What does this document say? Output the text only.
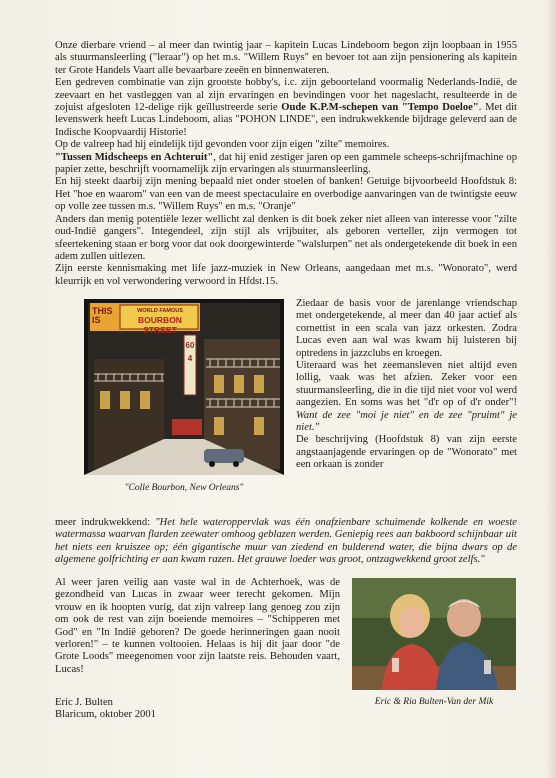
Onze dierbare vriend – al meer dan twintig jaar – kapitein Lucas Lindeboom begon zijn loopbaan in 1955 als stuurmansleerling ("leraar") op het m.s. "Willem Ruys" en bevoer tot aan zijn pensionering als kapitein ter Grote Handels Vaart alle bevaarbare zeeën en binnenwateren.

Een gedreven combinatie van zijn grootste hobby's, i.c. zijn geboorteland voormalig Nederlands-Indië, de zeevaart en het vastleggen van al zijn ervaringen en bevindingen voor het nageslacht, resulteerde in de zojuist afgesloten 12-delige rijk geïllustreerde serie Oude K.P.M-schepen van "Tempo Doeloe". Met dit levenswerk heeft Lucas Lindeboom, alias "POHON LINDE", een indrukwekkende bijdrage geleverd aan de Indische Koopvaardij Historie!

Op de valreep had hij eindelijk tijd gevonden voor zijn eigen "zilte" memoires.
"Tussen Midscheeps en Achteruit", dat hij enid zestiger jaren op een gammele scheeps-schrijfmachine op papier zette, beschrijft voornamelijk zijn ervaringen als stuurmansleerling.

En hij steekt daarbij zijn mening bepaald niet onder stoelen of banken! Getuige bijvoorbeeld Hoofdstuk 8: Het "hoe en waarom" van een van de meest spectaculaire en overbodige aanvaringen van de twintigste eeuw op volle zee tussen m.s. "Willem Ruys" en m.s. "Oranje"

Anders dan menig potentiële lezer wellicht zal denken is dit boek zeker niet alleen van interesse voor "zilte oud-Indië gangers". Integendeel, zijn stijl als vrijbuiter, als geboren verteller, zijn vermogen tot sfeertekening staan er borg voor dat ook doorgewinterde "walslurpen" net als ondergetekende dit boek in een adem zullen uitlezen.

Zijn eerste kennismaking met life jazz-muziek in New Orleans, aangedaan met m.s. "Wonorato", werd kleurrijk en vol verwondering verwoord in Hfdst.15.

THIS
IS
WORLD FAMOUS
BOURBON STREET
604
"Colle Bourbon, New Orleans"

Ziedaar de basis voor de jarenlange vriendschap met ondergetekende, al meer dan 40 jaar actief als cornettist in een scala van jazz orkesten. Zodra Lucas even aan wal was kwam hij luisteren bij optredens in jazzclubs en kroegen.

Uiteraard was het zeemansleven niet altijd even lollig, vaak was het afzien. Zeker voor een stuurmansleerling, die in die tijd niet voor vol werd aangezien. En soms was het "d'r op of d'r onder"! Want de zee "moi je niet" en de zee "pruimt" je niet."

De beschrijving (Hoofdstuk 8) van zijn eerste angstaanjagende ervaringen op de "Wonorato" met een orkaan is zonder

meer indrukwekkend: "Het hele wateroppervlak was één onafzienbare schuimende kolkende en woeste watermassa waarvan flarden zeewater omhoog geblazen werden. Geniepig rees aan bakboord schijnbaar uit het niets een kruiszee op; één gigantische muur van ziedend en bulderend water, die bijna dwars op de algemene golfrichting er aan kwam razen. Het grauwe loeder was groot, ontzagwekkend groot zelfs."

Al weer jaren veilig aan vaste wal in de Achterhoek, was de gezondheid van Lucas in zwaar weer terecht gekomen. Mijn vrouw en ik hoopten vurig, dat zijn valreep lang genoeg zou zijn om ook de rest van zijn boeiende memoires – "Schipperen met God" en "In Indië geboren? De goede herinneringen gaan nooit verloren!" – te kunnen voltooien. Helaas is hij dit jaar door "de Grote Loods" meegenomen voor zijn laatste reis. Behouden vaart, Lucas!

Eric & Ria Bulten-Van der Mik

Eric J. Bulten

Blaricum, oktober 2001
